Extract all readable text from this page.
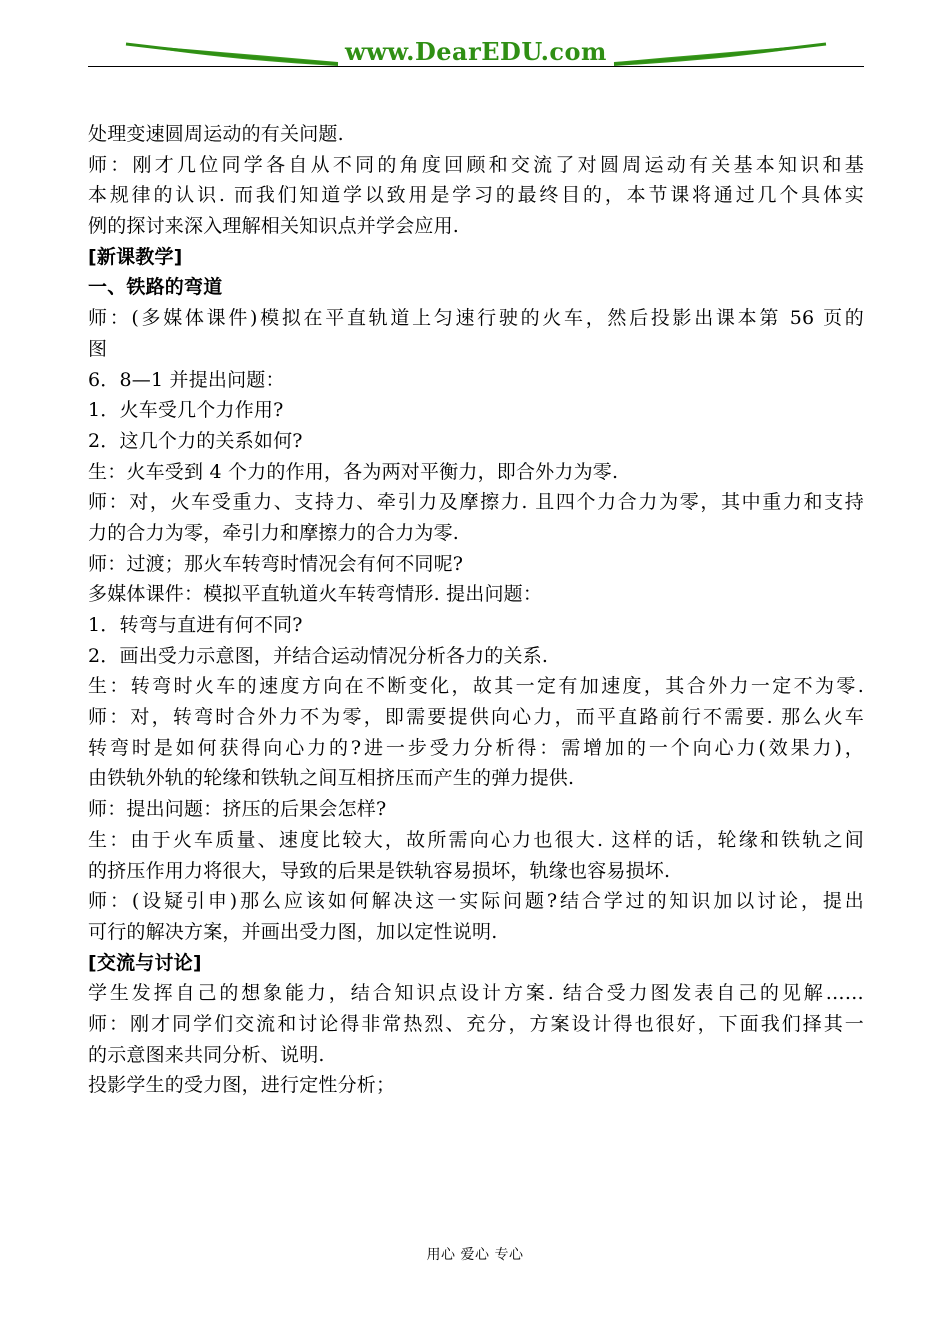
www.DearEDU.com
处理变速圆周运动的有关问题.
师：刚才几位同学各自从不同的角度回顾和交流了对圆周运动有关基本知识和基
本规律的认识. 而我们知道学以致用是学习的最终目的，本节课将通过几个具体实
例的探讨来深入理解相关知识点并学会应用.
[新课教学]
一、铁路的弯道
师：(多媒体课件)模拟在平直轨道上匀速行驶的火车，然后投影出课本第 56 页的
图
6．8—1 并提出问题：
1．火车受几个力作用?
2．这几个力的关系如何?
生：火车受到 4 个力的作用，各为两对平衡力，即合外力为零.
师：对，火车受重力、支持力、牵引力及摩擦力. 且四个力合力为零，其中重力和支持
力的合力为零，牵引力和摩擦力的合力为零.
师：过渡；那火车转弯时情况会有何不同呢?
多媒体课件：模拟平直轨道火车转弯情形. 提出问题：
1．转弯与直进有何不同?
2．画出受力示意图，并结合运动情况分析各力的关系.
生：转弯时火车的速度方向在不断变化，故其一定有加速度，其合外力一定不为零.
师：对，转弯时合外力不为零，即需要提供向心力，而平直路前行不需要. 那么火车
转弯时是如何获得向心力的?进一步受力分析得：需增加的一个向心力(效果力)，
由铁轨外轨的轮缘和铁轨之间互相挤压而产生的弹力提供.
师：提出问题：挤压的后果会怎样?
生：由于火车质量、速度比较大，故所需向心力也很大. 这样的话，轮缘和铁轨之间
的挤压作用力将很大，导致的后果是铁轨容易损坏，轨缘也容易损坏.
师：(设疑引申)那么应该如何解决这一实际问题?结合学过的知识加以讨论，提出
可行的解决方案，并画出受力图，加以定性说明.
[交流与讨论]
学生发挥自己的想象能力，结合知识点设计方案. 结合受力图发表自己的见解……
师：刚才同学们交流和讨论得非常热烈、充分，方案设计得也很好，下面我们择其一
的示意图来共同分析、说明.
投影学生的受力图，进行定性分析；
用心 爱心 专心
